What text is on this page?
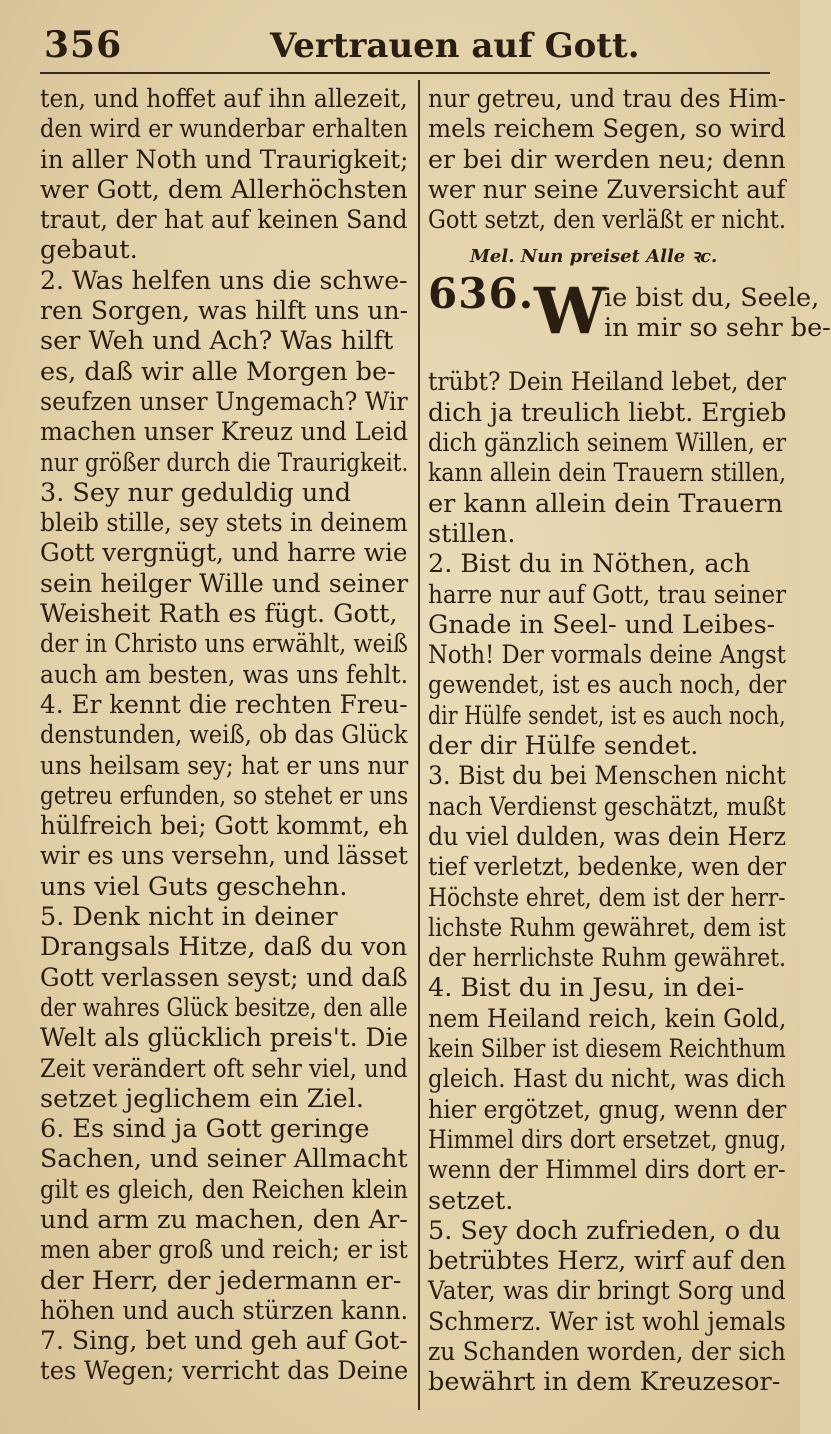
356	Vertrauen auf Gott.
ten, und hoffet auf ihn allezeit,
den wird er wunderbar erhalten
in aller Noth und Traurigkeit;
wer Gott, dem Allerhöchsten
traut, der hat auf keinen Sand
gebaut.
2. Was helfen uns die schwe-
ren Sorgen, was hilft uns un-
ser Weh und Ach? Was hilft
es, daß wir alle Morgen be-
seufzen unser Ungemach? Wir
machen unser Kreuz und Leid
nur größer durch die Traurigkeit.
3. Sey nur geduldig und
bleib stille, sey stets in deinem
Gott vergnügt, und harre wie
sein heilger Wille und seiner
Weisheit Rath es fügt. Gott,
der in Christo uns erwählt, weiß
auch am besten, was uns fehlt.
4. Er kennt die rechten Freu-
denstunden, weiß, ob das Glück
uns heilsam sey; hat er uns nur
getreu erfunden, so stehet er uns
hülfreich bei; Gott kommt, eh
wir es uns versehn, und lässet
uns viel Guts geschehn.
5. Denk nicht in deiner
Drangsals Hitze, daß du von
Gott verlassen seyst; und daß
der wahres Glück besitze, den alle
Welt als glücklich preis't. Die
Zeit verändert oft sehr viel, und
setzet jeglichem ein Ziel.
6. Es sind ja Gott geringe
Sachen, und seiner Allmacht
gilt es gleich, den Reichen klein
und arm zu machen, den Ar-
men aber groß und reich; er ist
der Herr, der jedermann er-
höhen und auch stürzen kann.
7. Sing, bet und geh auf Got-
tes Wegen; verricht das Deine
nur getreu, und trau des Him-
mels reichem Segen, so wird
er bei dir werden neu; denn
wer nur seine Zuversicht auf
Gott setzt, den verläßt er nicht.
Mel. Nun preiset Alle ꝛc.
636. W
ie bist du, Seele,
in mir so sehr be-
trübt? Dein Heiland lebet, der
dich ja treulich liebt. Ergieb
dich gänzlich seinem Willen, er
kann allein dein Trauern stillen,
er kann allein dein Trauern
stillen.
2. Bist du in Nöthen, ach
harre nur auf Gott, trau seiner
Gnade in Seel- und Leibes-
Noth! Der vormals deine Angst
gewendet, ist es auch noch, der
dir Hülfe sendet, ist es auch noch,
der dir Hülfe sendet.
3. Bist du bei Menschen nicht
nach Verdienst geschätzt, mußt
du viel dulden, was dein Herz
tief verletzt, bedenke, wen der
Höchste ehret, dem ist der herr-
lichste Ruhm gewähret, dem ist
der herrlichste Ruhm gewähret.
4. Bist du in Jesu, in dei-
nem Heiland reich, kein Gold,
kein Silber ist diesem Reichthum
gleich. Hast du nicht, was dich
hier ergötzet, gnug, wenn der
Himmel dirs dort ersetzet, gnug,
wenn der Himmel dirs dort er-
setzet.
5. Sey doch zufrieden, o du
betrübtes Herz, wirf auf den
Vater, was dir bringt Sorg und
Schmerz. Wer ist wohl jemals
zu Schanden worden, der sich
bewährt in dem Kreuzesor-
